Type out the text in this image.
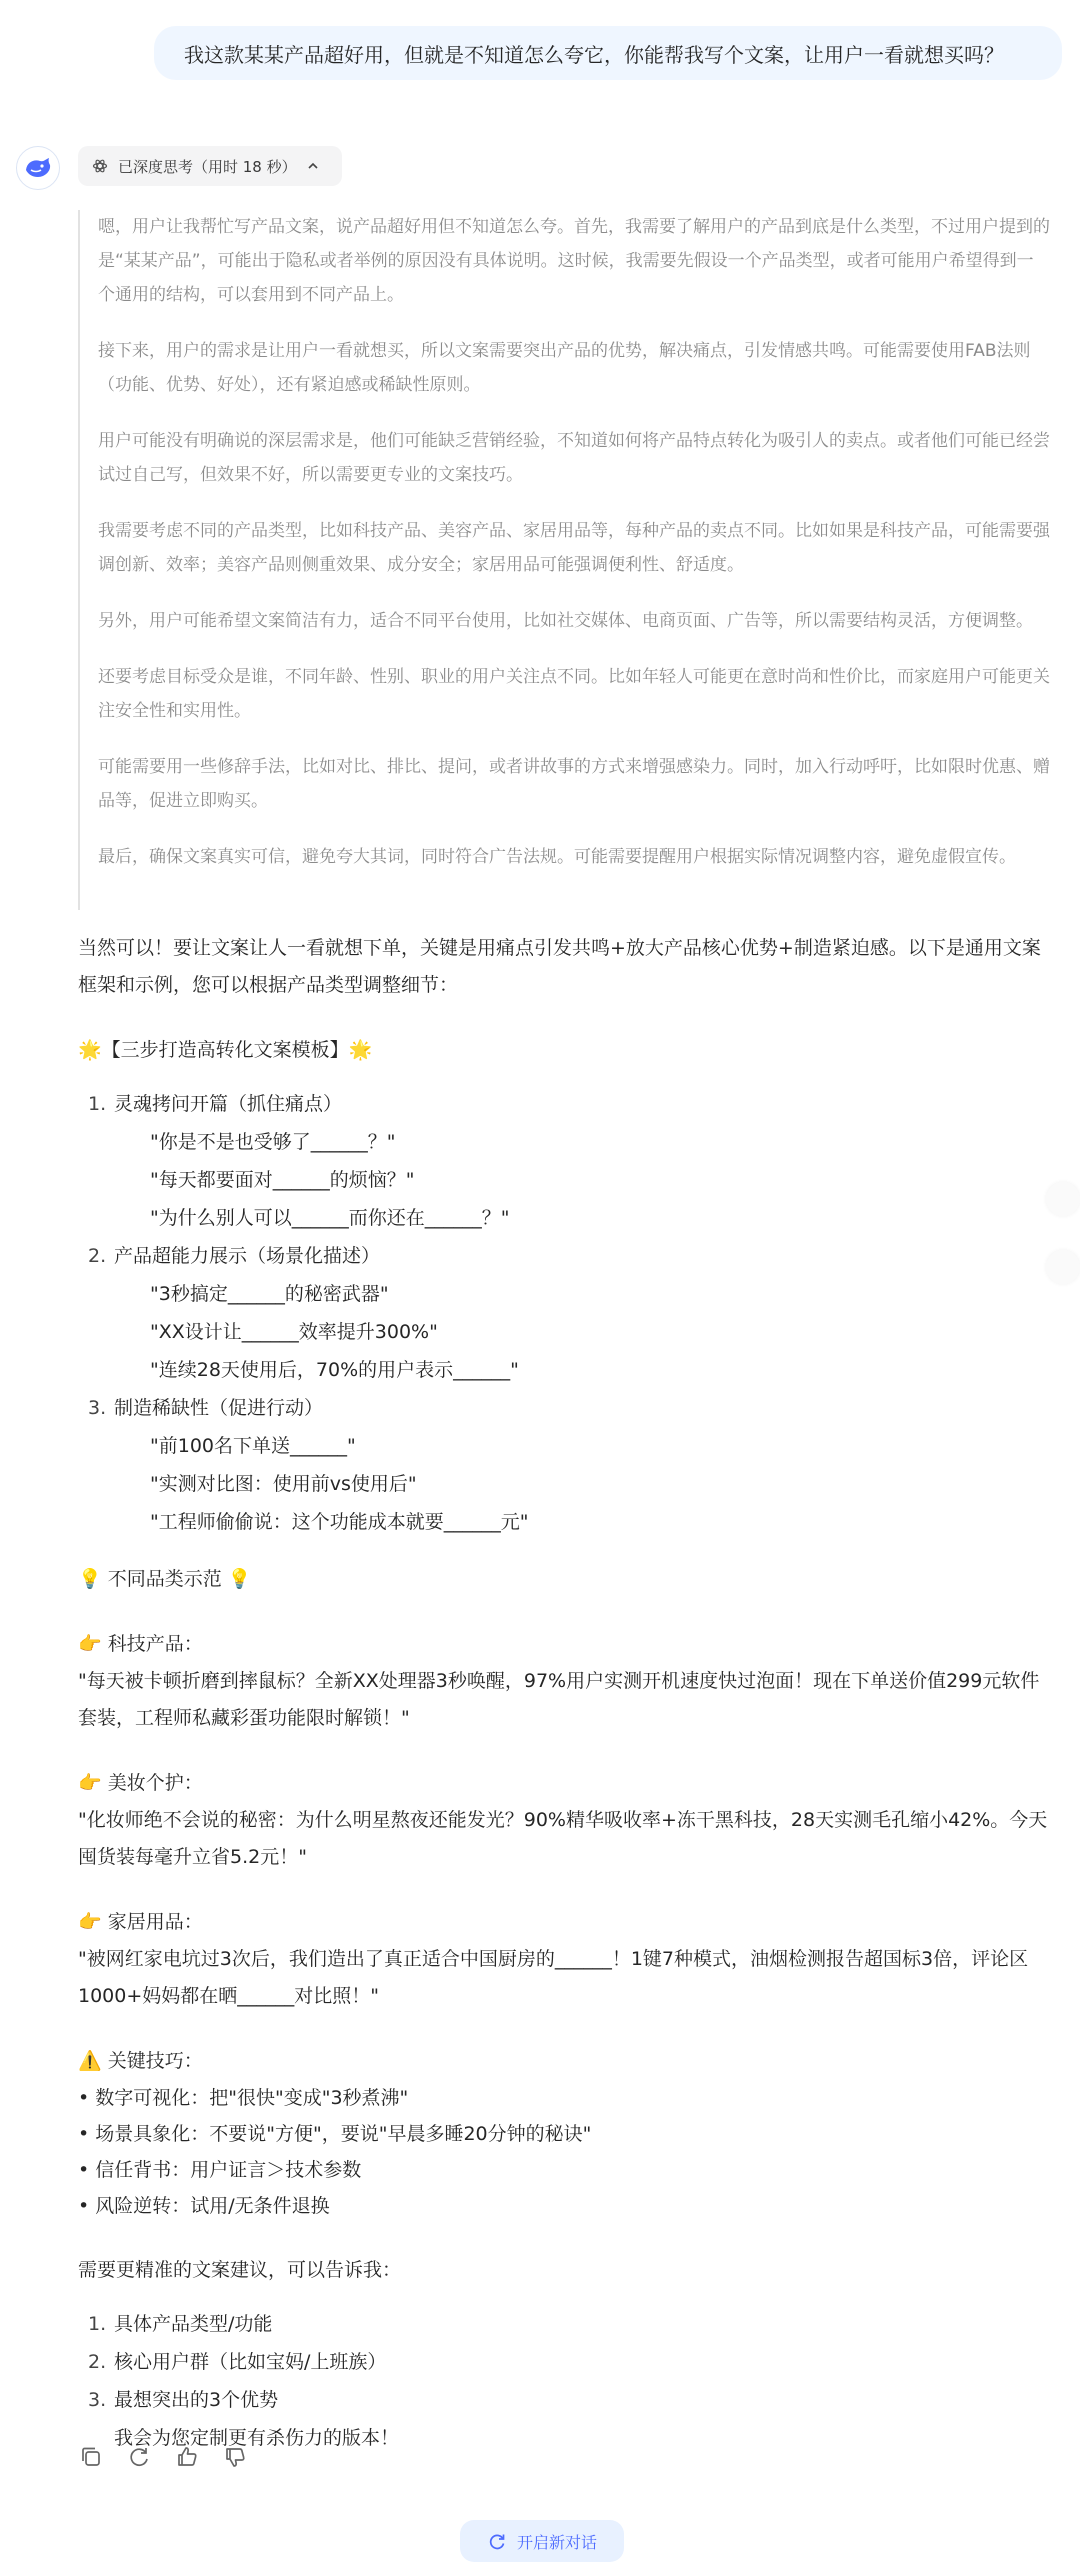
我这款某某产品超好用，但就是不知道怎么夸它，你能帮我写个文案，让用户一看就想买吗？
已深度思考（用时 18 秒）

嗯，用户让我帮忙写产品文案，说产品超好用但不知道怎么夸。首先，我需要了解用户的产品到底是什么类型，不过用户提到的是“某某产品”，可能出于隐私或者举例的原因没有具体说明。这时候，我需要先假设一个产品类型，或者可能用户希望得到一个通用的结构，可以套用到不同产品上。

接下来，用户的需求是让用户一看就想买，所以文案需要突出产品的优势，解决痛点，引发情感共鸣。可能需要使用FAB法则（功能、优势、好处），还有紧迫感或稀缺性原则。

用户可能没有明确说的深层需求是，他们可能缺乏营销经验，不知道如何将产品特点转化为吸引人的卖点。或者他们可能已经尝试过自己写，但效果不好，所以需要更专业的文案技巧。

我需要考虑不同的产品类型，比如科技产品、美容产品、家居用品等，每种产品的卖点不同。比如如果是科技产品，可能需要强调创新、效率；美容产品则侧重效果、成分安全；家居用品可能强调便利性、舒适度。

另外，用户可能希望文案简洁有力，适合不同平台使用，比如社交媒体、电商页面、广告等，所以需要结构灵活，方便调整。

还要考虑目标受众是谁，不同年龄、性别、职业的用户关注点不同。比如年轻人可能更在意时尚和性价比，而家庭用户可能更关注安全性和实用性。

可能需要用一些修辞手法，比如对比、排比、提问，或者讲故事的方式来增强感染力。同时，加入行动呼吁，比如限时优惠、赠品等，促进立即购买。

最后，确保文案真实可信，避免夸大其词，同时符合广告法规。可能需要提醒用户根据实际情况调整内容，避免虚假宣传。

当然可以！要让文案让人一看就想下单，关键是用痛点引发共鸣+放大产品核心优势+制造紧迫感。以下是通用文案框架和示例，您可以根据产品类型调整细节：

🌟【三步打造高转化文案模板】🌟

1. 灵魂拷问开篇（抓住痛点）
"你是不是也受够了______？"
"每天都要面对______的烦恼？"
"为什么别人可以______而你还在______？"
2. 产品超能力展示（场景化描述）
"3秒搞定______的秘密武器"
"XX设计让______效率提升300%"
"连续28天使用后，70%的用户表示______"
3. 制造稀缺性（促进行动）
"前100名下单送______"
"实测对比图：使用前vs使用后"
"工程师偷偷说：这个功能成本就要______元"

💡 不同品类示范 💡

👉 科技产品：

"每天被卡顿折磨到摔鼠标？全新XX处理器3秒唤醒，97%用户实测开机速度快过泡面！现在下单送价值299元软件套装，工程师私藏彩蛋功能限时解锁！"

👉 美妆个护：

"化妆师绝不会说的秘密：为什么明星熬夜还能发光？90%精华吸收率+冻干黑科技，28天实测毛孔缩小42%。今天囤货装每毫升立省5.2元！"

👉 家居用品：

"被网红家电坑过3次后，我们造出了真正适合中国厨房的______！1键7种模式，油烟检测报告超国标3倍，评论区1000+妈妈都在晒______对比照！"

⚠️ 关键技巧：

• 数字可视化：把"很快"变成"3秒煮沸"

• 场景具象化：不要说"方便"，要说"早晨多睡20分钟的秘诀"

• 信任背书：用户证言＞技术参数

• 风险逆转：试用/无条件退换

需要更精准的文案建议，可以告诉我：

1. 具体产品类型/功能
2. 核心用户群（比如宝妈/上班族）
3. 最想突出的3个优势
我会为您定制更有杀伤力的版本！
开启新对话
